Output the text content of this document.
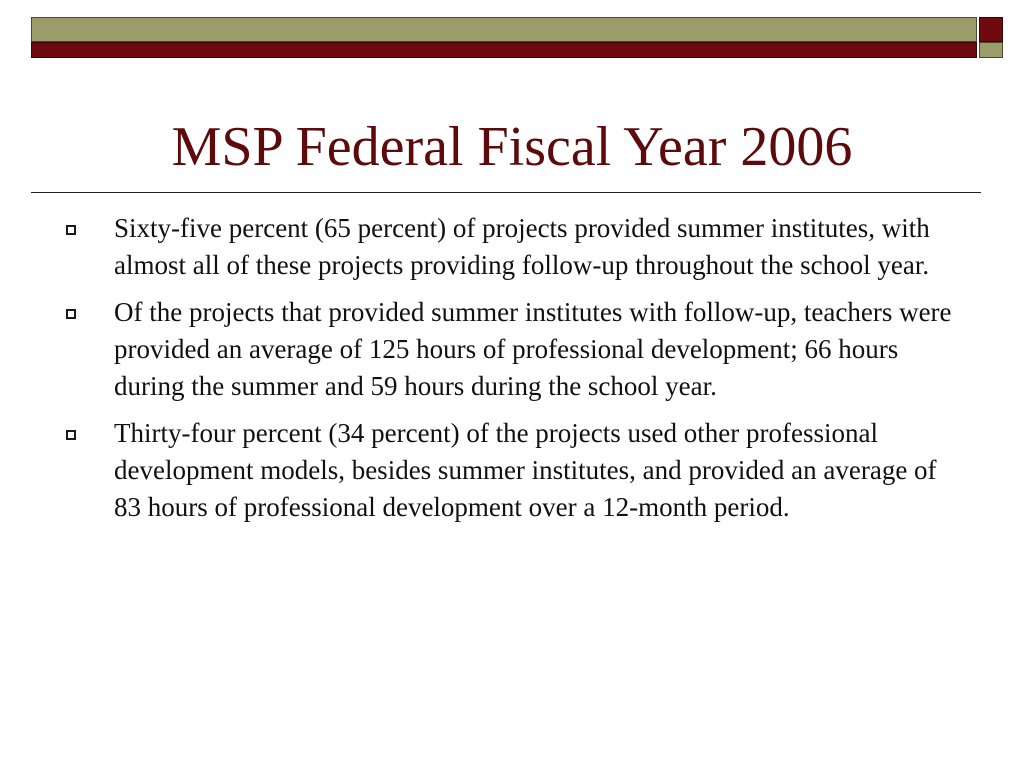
MSP Federal Fiscal Year 2006
Sixty-five percent (65 percent) of projects provided summer institutes, with almost all of these projects providing follow-up throughout the school year.
Of the projects that provided summer institutes with follow-up, teachers were provided an average of 125 hours of professional development; 66 hours during the summer and 59 hours during the school year.
Thirty-four percent (34 percent) of the projects used other professional development models, besides summer institutes, and provided an average of 83 hours of professional development over a 12-month period.
